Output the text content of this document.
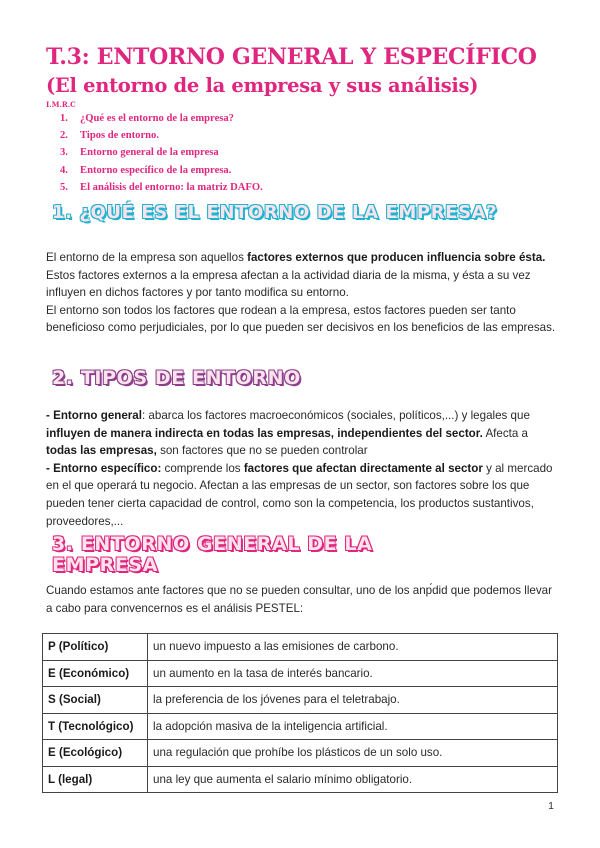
T.3: ENTORNO GENERAL Y ESPECÍFICO
(El entorno de la empresa y sus análisis)
I.M.R.C
1. ¿Qué es el entorno de la empresa?
2. Tipos de entorno.
3. Entorno general de la empresa
4. Entorno específico de la empresa.
5. El análisis del entorno: la matriz DAFO.
1. ¿QUÉ ES EL ENTORNO DE LA EMPRESA?

El entorno de la empresa son aquellos factores externos que producen influencia sobre ésta. Estos factores externos a la empresa afectan a la actividad diaria de la misma, y ésta a su vez influyen en dichos factores y por tanto modifica su entorno.
El entorno son todos los factores que rodean a la empresa, estos factores pueden ser tanto beneficioso como perjudiciales, por lo que pueden ser decisivos en los beneficios de las empresas.

2. TIPOS DE ENTORNO

- Entorno general: abarca los factores macroeconómicos (sociales, políticos,...) y legales que influyen de manera indirecta en todas las empresas, independientes del sector. Afecta a todas las empresas, son factores que no se pueden controlar
- Entorno específico: comprende los factores que afectan directamente al sector y al mercado en el que operará tu negocio. Afectan a las empresas de un sector, son factores sobre los que pueden tener cierta capacidad de control, como son la competencia, los productos sustantivos, proveedores,...

3. ENTORNO GENERAL DE LA EMPRESA

Cuando estamos ante factores que no se pueden consultar, uno de los anр́did que podemos llevar a cabo para convencernos es el análisis PESTEL:

P (Político)	un nuevo impuesto a las emisiones de carbono.
E (Económico)	un aumento en la tasa de interés bancario.
S (Social)	la preferencia de los jóvenes para el teletrabajo.
T (Tecnológico)	la adopción masiva de la inteligencia artificial.
E (Ecológico)	una regulación que prohíbe los plásticos de un solo uso.
L (legal)	una ley que aumenta el salario mínimo obligatorio.
1
